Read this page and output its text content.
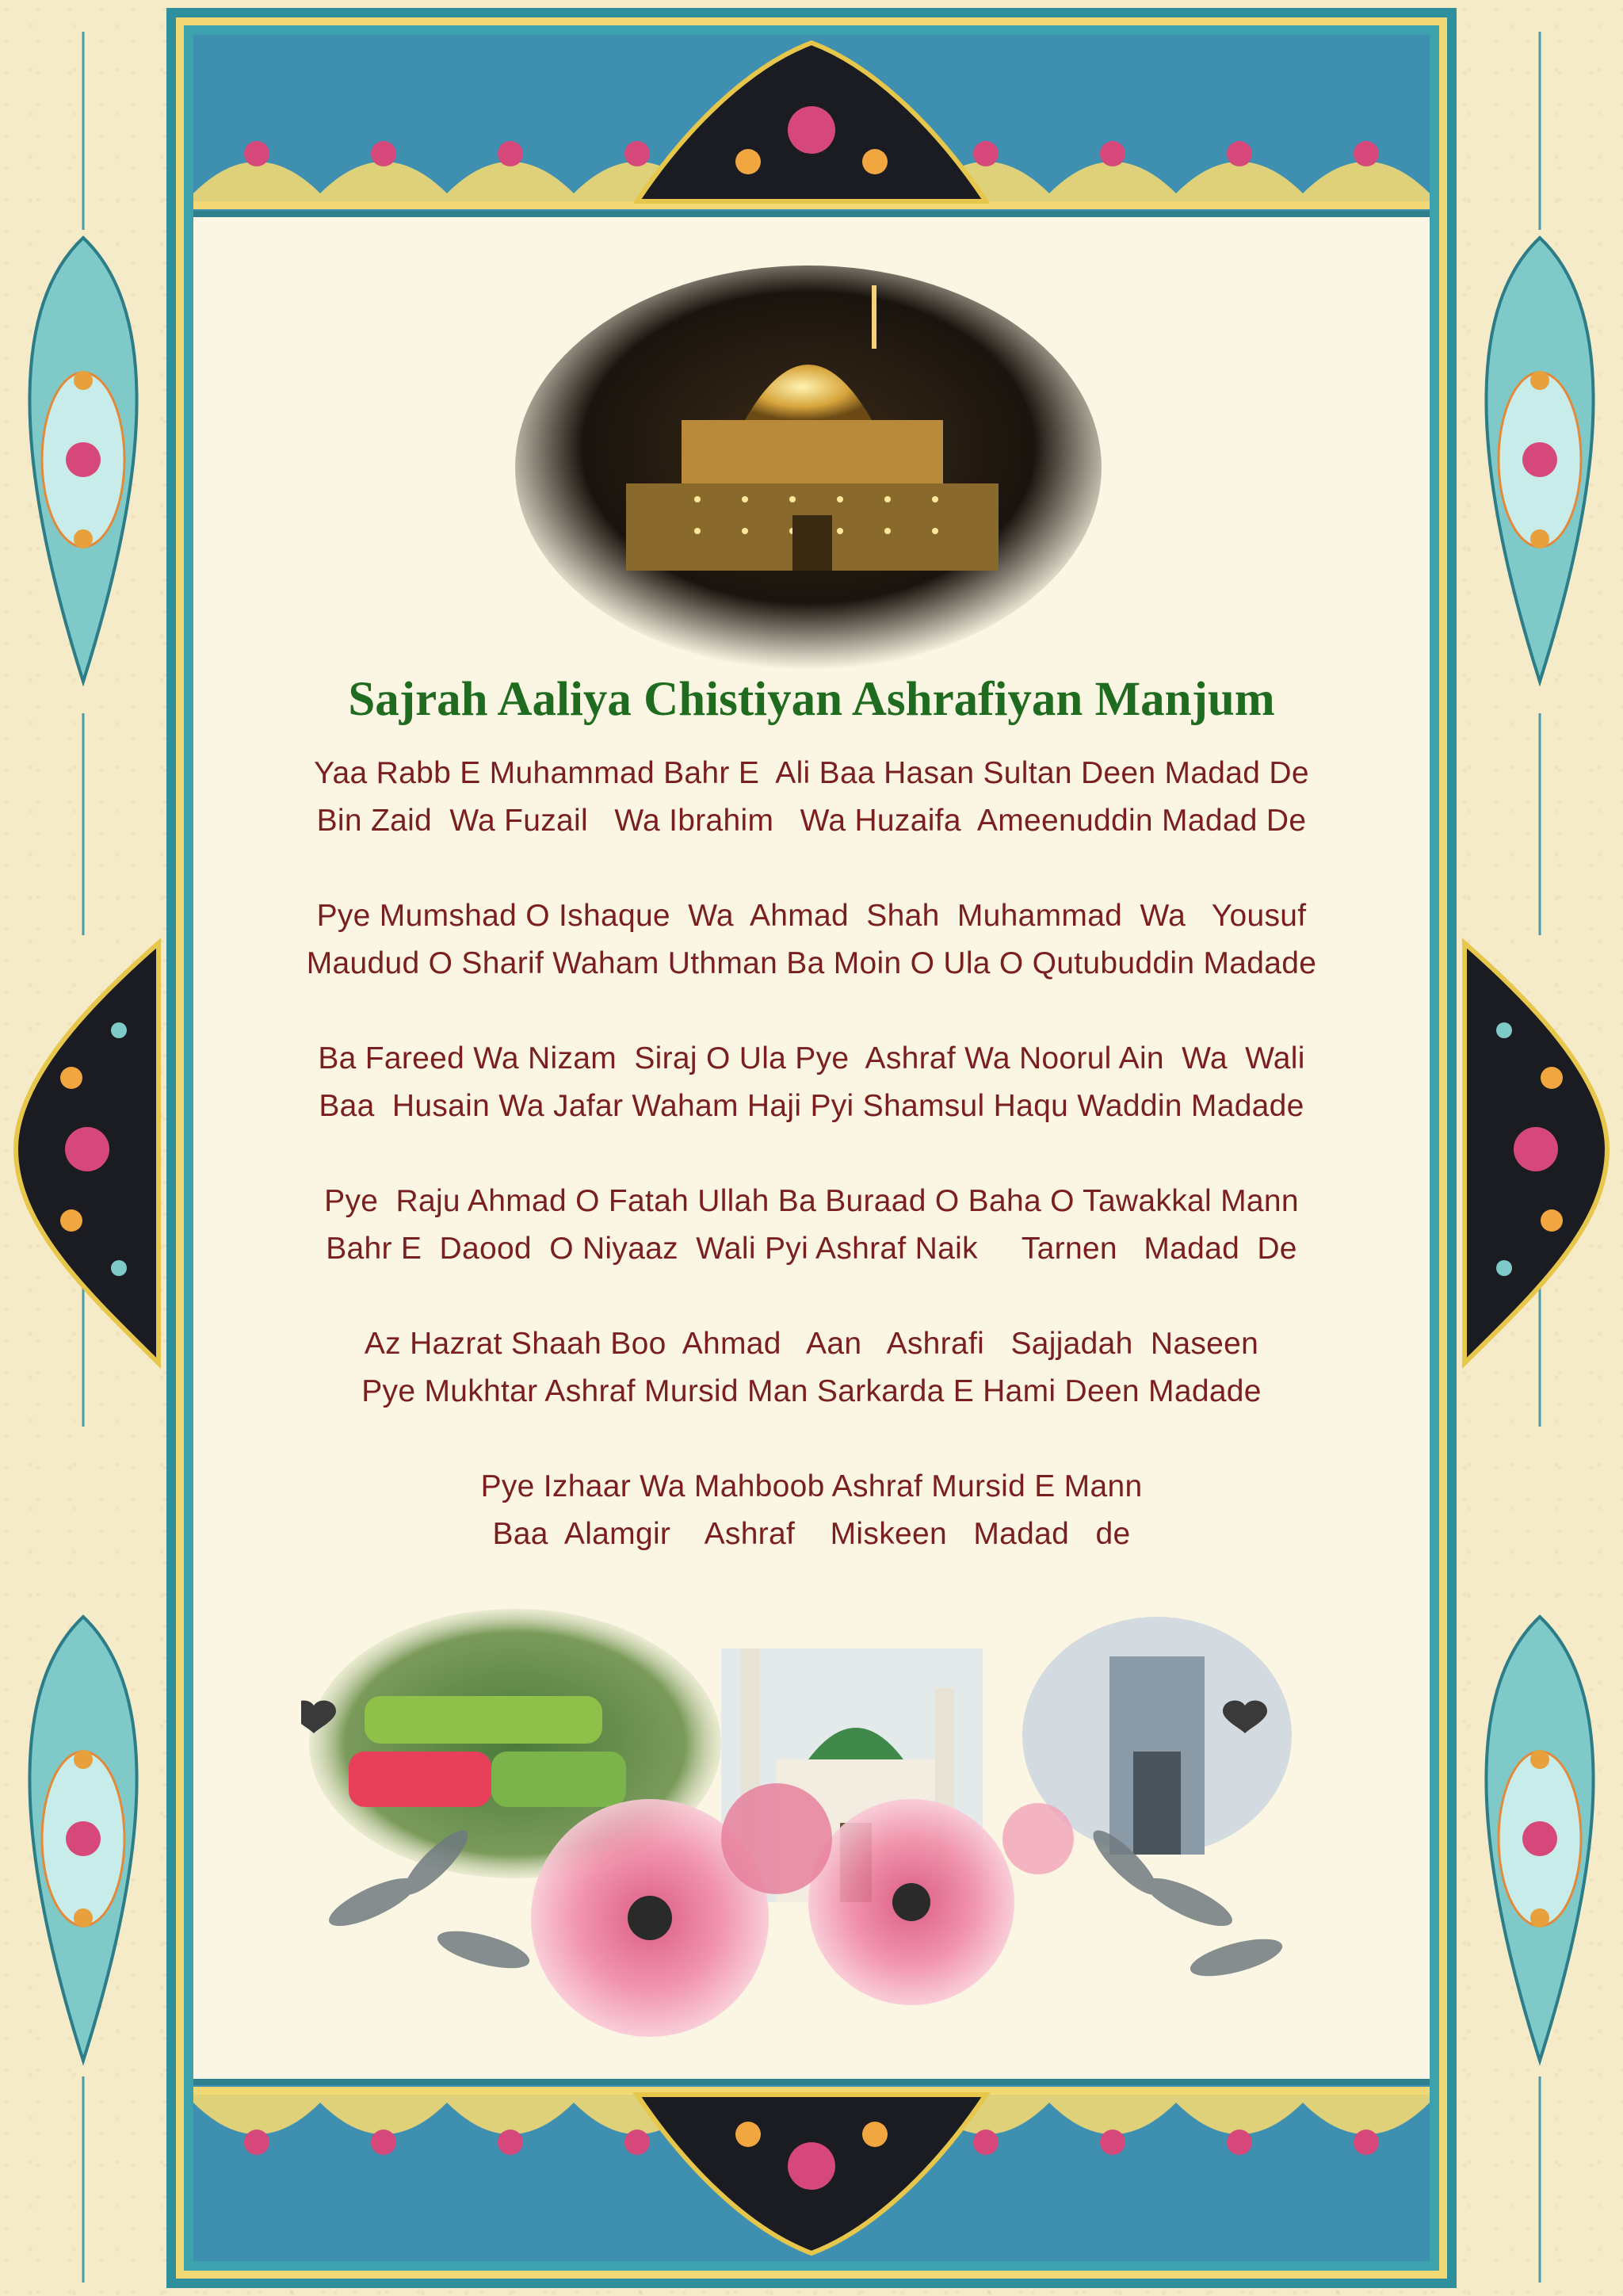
Sajrah Aaliya Chistiyan Ashrafiyan Manjum
Yaa Rabb E Muhammad Bahr E  Ali Baa Hasan Sultan Deen Madad De
Bin Zaid  Wa Fuzail   Wa Ibrahim   Wa Huzaifa  Ameenuddin Madad De
Pye Mumshad O Ishaque  Wa  Ahmad  Shah  Muhammad  Wa   Yousuf
Maudud O Sharif Waham Uthman Ba Moin O Ula O Qutubuddin Madade
Ba Fareed Wa Nizam  Siraj O Ula Pye  Ashraf Wa Noorul Ain  Wa  Wali
Baa  Husain Wa Jafar Waham Haji Pyi Shamsul Haqu Waddin Madade
Pye  Raju Ahmad O Fatah Ullah Ba Buraad O Baha O Tawakkal Mann
Bahr E  Daood  O Niyaaz  Wali Pyi Ashraf Naik     Tarnen   Madad  De
Az Hazrat Shaah Boo  Ahmad   Aan   Ashrafi   Sajjadah  Naseen
Pye Mukhtar Ashraf Mursid Man Sarkarda E Hami Deen Madade
Pye Izhaar Wa Mahboob Ashraf Mursid E Mann
Baa  Alamgir    Ashraf    Miskeen   Madad   de
